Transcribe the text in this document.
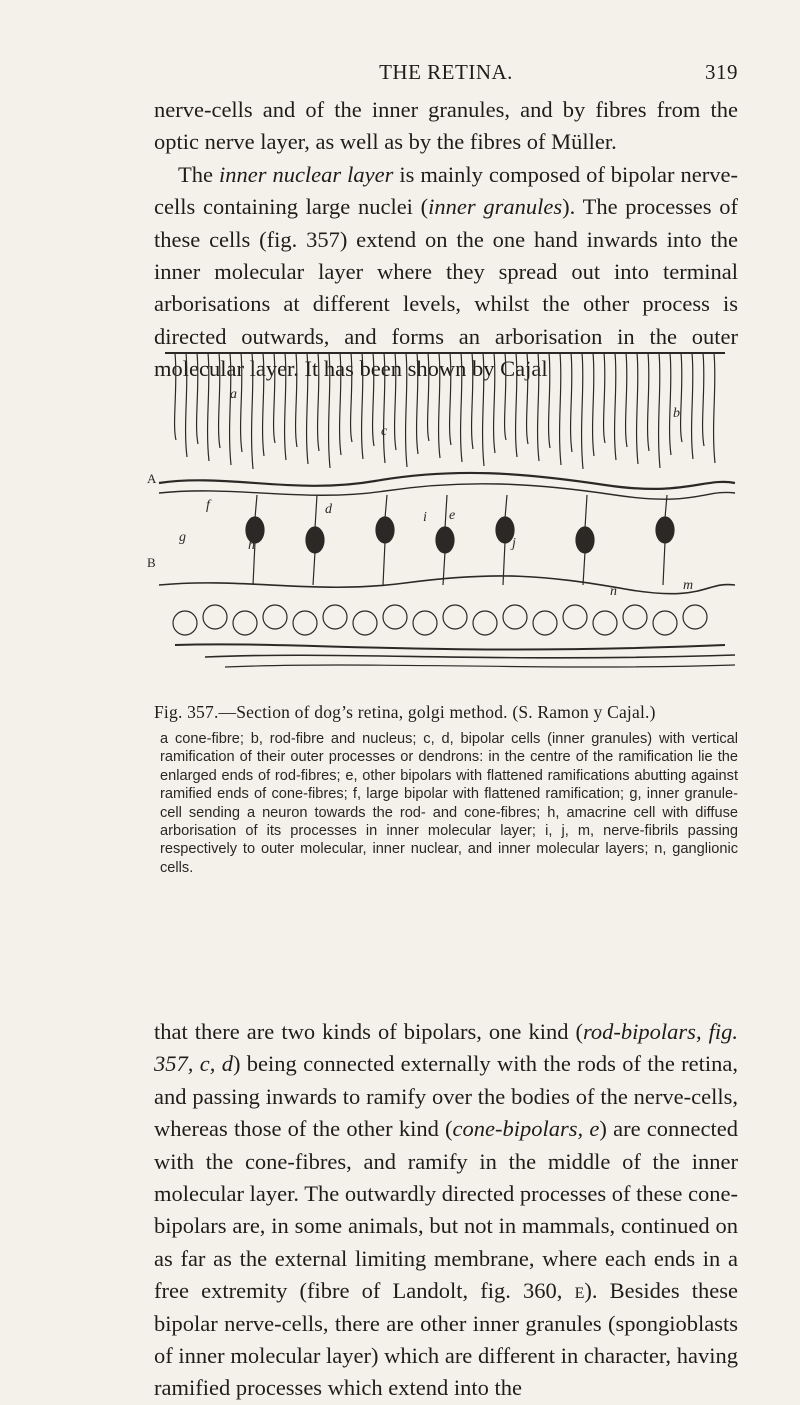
THE RETINA.	319

nerve-cells and of the inner granules, and by fibres from the optic nerve layer, as well as by the fibres of Müller.

The inner nuclear layer is mainly composed of bipolar nerve-cells containing large nuclei (inner granules). The processes of these cells (fig. 357) extend on the one hand inwards into the inner molecular layer where they spread out into terminal arborisations at different levels, whilst the other process is directed outwards, and forms an arborisation in the outer molecular layer. It has been shown by Cajal

A
B
a
b
c
d	e
f
g
h
i
j
m
n
Fig. 357.—Section of dog’s retina, golgi method. (S. Ramon y Cajal.)

a cone-fibre; b, rod-fibre and nucleus; c, d, bipolar cells (inner granules) with vertical ramification of their outer processes or dendrons: in the centre of the ramification lie the enlarged ends of rod-fibres; e, other bipolars with flattened ramifications abutting against ramified ends of cone-fibres; f, large bipolar with flattened ramification; g, inner granule-cell sending a neuron towards the rod- and cone-fibres; h, amacrine cell with diffuse arborisation of its processes in inner molecular layer; i, j, m, nerve-fibrils passing respectively to outer molecular, inner nuclear, and inner molecular layers; n, ganglionic cells.

that there are two kinds of bipolars, one kind (rod-bipolars, fig. 357, c, d) being connected externally with the rods of the retina, and passing inwards to ramify over the bodies of the nerve-cells, whereas those of the other kind (cone-bipolars, e) are connected with the cone-fibres, and ramify in the middle of the inner molecular layer. The outwardly directed processes of these cone-bipolars are, in some animals, but not in mammals, continued on as far as the external limiting membrane, where each ends in a free extremity (fibre of Landolt, fig. 360, e). Besides these bipolar nerve-cells, there are other inner granules (spongioblasts of inner molecular layer) which are different in character, having ramified processes which extend into the
